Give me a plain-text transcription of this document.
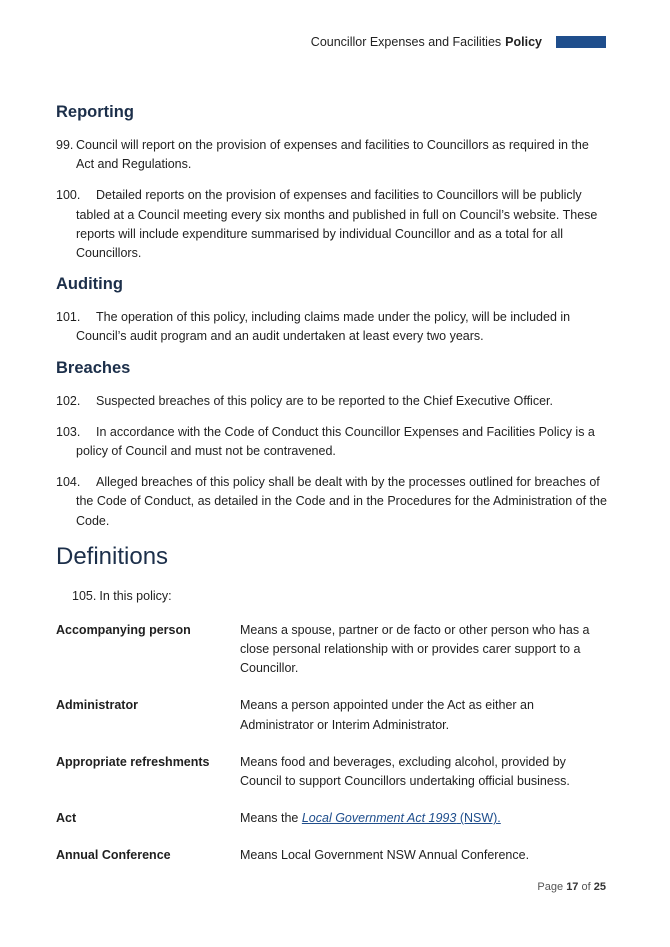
Councillor Expenses and Facilities Policy
Reporting

99. Council will report on the provision of expenses and facilities to Councillors as required in the Act and Regulations.

100. Detailed reports on the provision of expenses and facilities to Councillors will be publicly tabled at a Council meeting every six months and published in full on Council’s website. These reports will include expenditure summarised by individual Councillor and as a total for all Councillors.

Auditing

101. The operation of this policy, including claims made under the policy, will be included in Council’s audit program and an audit undertaken at least every two years.

Breaches

102. Suspected breaches of this policy are to be reported to the Chief Executive Officer.

103. In accordance with the Code of Conduct this Councillor Expenses and Facilities Policy is a policy of Council and must not be contravened.

104. Alleged breaches of this policy shall be dealt with by the processes outlined for breaches of the Code of Conduct, as detailed in the Code and in the Procedures for the Administration of the Code.

Definitions
105. In this policy:
Accompanying person	Means a spouse, partner or de facto or other person who has a close personal relationship with or provides carer support to a Councillor.
Administrator	Means a person appointed under the Act as either an Administrator or Interim Administrator.
Appropriate refreshments	Means food and beverages, excluding alcohol, provided by Council to support Councillors undertaking official business.
Act	Means the Local Government Act 1993 (NSW).
Annual Conference	Means Local Government NSW Annual Conference.
Page 17 of 25
